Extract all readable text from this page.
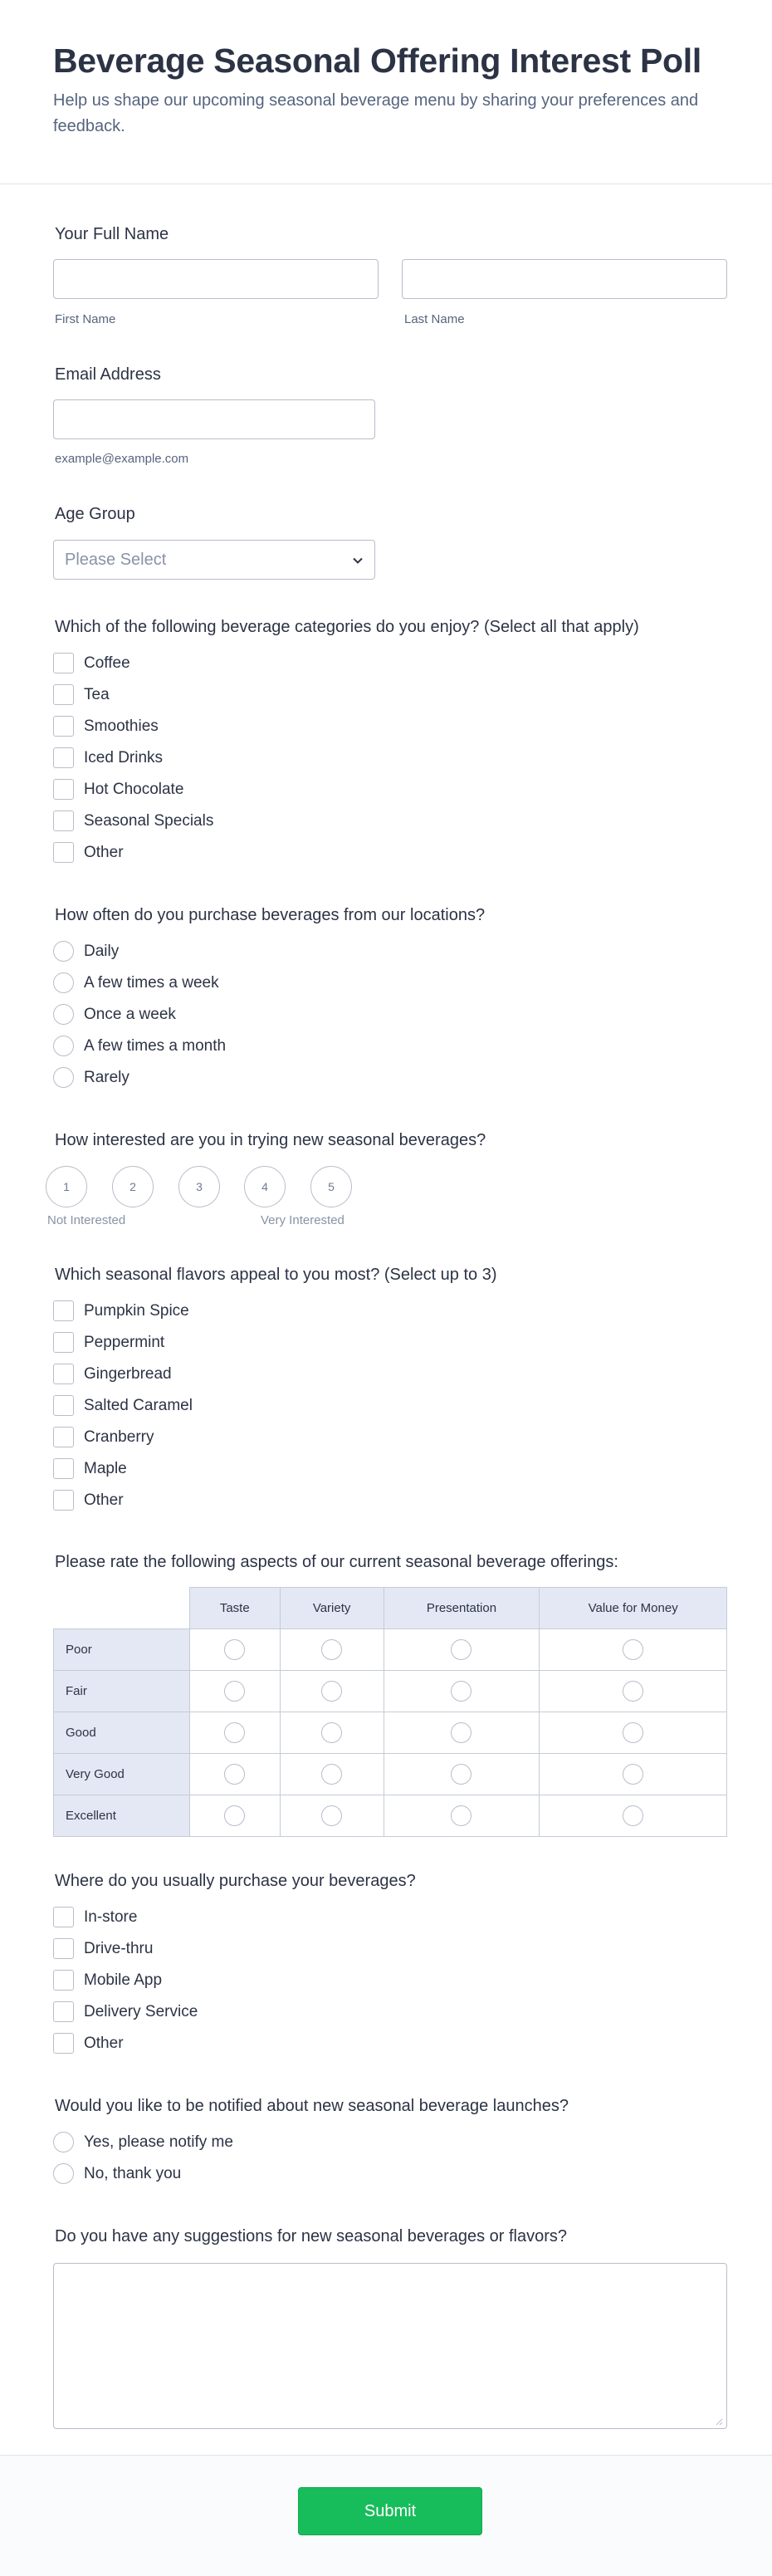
Beverage Seasonal Offering Interest Poll

Help us shape our upcoming seasonal beverage menu by sharing your preferences and feedback.

Your Full Name
First Name	Last Name
Email Address
example@example.com
Age Group
Please Select
Which of the following beverage categories do you enjoy? (Select all that apply)
Coffee
Tea
Smoothies
Iced Drinks
Hot Chocolate
Seasonal Specials
Other
How often do you purchase beverages from our locations?
Daily
A few times a week
Once a week
A few times a month
Rarely
How interested are you in trying new seasonal beverages?
1	2	3	4	5
Not Interested	Very Interested
Which seasonal flavors appeal to you most? (Select up to 3)
Pumpkin Spice
Peppermint
Gingerbread
Salted Caramel
Cranberry
Maple
Other
Please rate the following aspects of our current seasonal beverage offerings:
	Taste	Variety	Presentation	Value for Money
Poor				
Fair				
Good				
Very Good				
Excellent				
Where do you usually purchase your beverages?
In-store
Drive-thru
Mobile App
Delivery Service
Other
Would you like to be notified about new seasonal beverage launches?
Yes, please notify me
No, thank you
Do you have any suggestions for new seasonal beverages or flavors?
Submit
